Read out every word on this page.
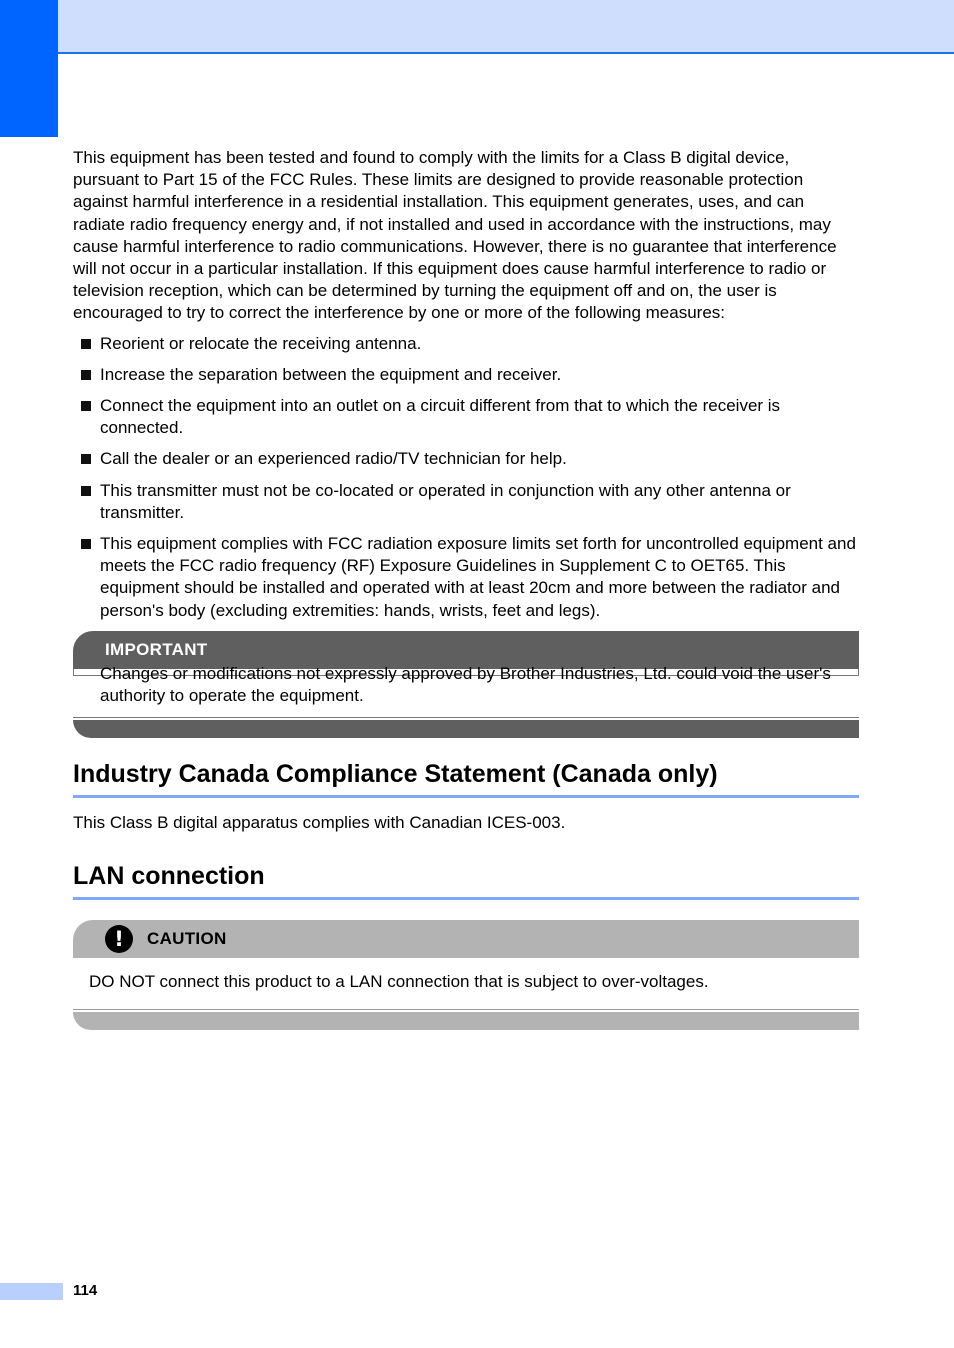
This equipment has been tested and found to comply with the limits for a Class B digital device, pursuant to Part 15 of the FCC Rules. These limits are designed to provide reasonable protection against harmful interference in a residential installation. This equipment generates, uses, and can radiate radio frequency energy and, if not installed and used in accordance with the instructions, may cause harmful interference to radio communications. However, there is no guarantee that interference will not occur in a particular installation. If this equipment does cause harmful interference to radio or television reception, which can be determined by turning the equipment off and on, the user is encouraged to try to correct the interference by one or more of the following measures:

Reorient or relocate the receiving antenna.
Increase the separation between the equipment and receiver.
Connect the equipment into an outlet on a circuit different from that to which the receiver is connected.
Call the dealer or an experienced radio/TV technician for help.
This transmitter must not be co-located or operated in conjunction with any other antenna or transmitter.
This equipment complies with FCC radiation exposure limits set forth for uncontrolled equipment and meets the FCC radio frequency (RF) Exposure Guidelines in Supplement C to OET65. This equipment should be installed and operated with at least 20cm and more between the radiator and person's body (excluding extremities: hands, wrists, feet and legs).
IMPORTANT
Changes or modifications not expressly approved by Brother Industries, Ltd. could void the user's authority to operate the equipment.
Industry Canada Compliance Statement (Canada only)

This Class B digital apparatus complies with Canadian ICES-003.

LAN connection
!	CAUTION
DO NOT connect this product to a LAN connection that is subject to over-voltages.
114
